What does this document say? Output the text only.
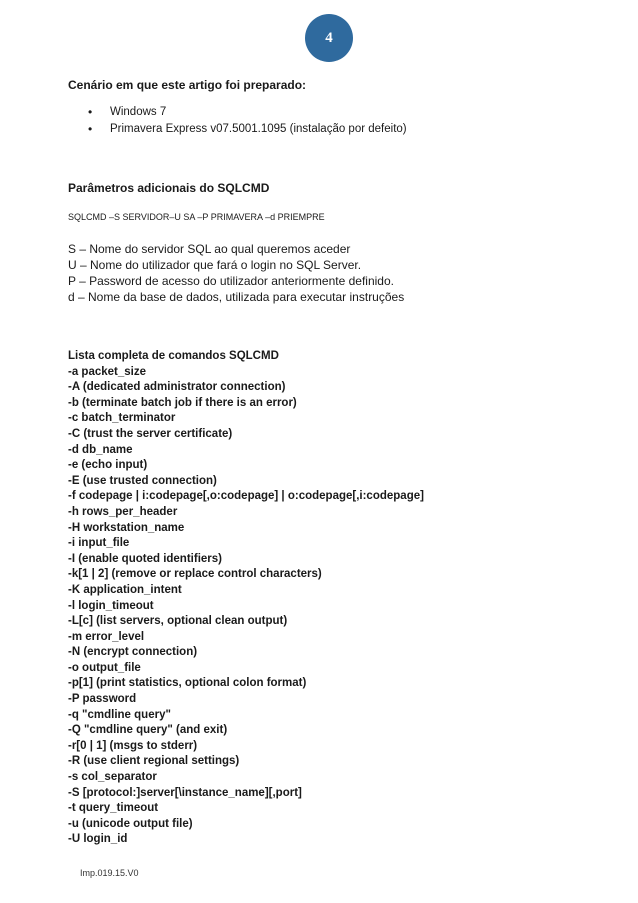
4
Cenário em que este artigo foi preparado:
• Windows 7
• Primavera Express v07.5001.1095 (instalação por defeito)
Parâmetros adicionais do SQLCMD
SQLCMD –S SERVIDOR–U SA –P PRIMAVERA –d PRIEMPRE
S – Nome do servidor SQL ao qual queremos aceder
U – Nome do utilizador que fará o login no SQL Server.
P – Password de acesso do utilizador anteriormente definido.
d – Nome da base de dados, utilizada para executar instruções
Lista completa de comandos SQLCMD
-a packet_size
-A (dedicated administrator connection)
-b (terminate batch job if there is an error)
-c batch_terminator
-C (trust the server certificate)
-d db_name
-e (echo input)
-E (use trusted connection)
-f codepage | i:codepage[,o:codepage] | o:codepage[,i:codepage]
-h rows_per_header
-H workstation_name
-i input_file
-I (enable quoted identifiers)
-k[1 | 2] (remove or replace control characters)
-K application_intent
-l login_timeout
-L[c] (list servers, optional clean output)
-m error_level
-N (encrypt connection)
-o output_file
-p[1] (print statistics, optional colon format)
-P password
-q "cmdline query"
-Q "cmdline query" (and exit)
-r[0 | 1] (msgs to stderr)
-R (use client regional settings)
-s col_separator
-S [protocol:]server[\instance_name][,port]
-t query_timeout
-u (unicode output file)
-U login_id
Imp.019.15.V0
